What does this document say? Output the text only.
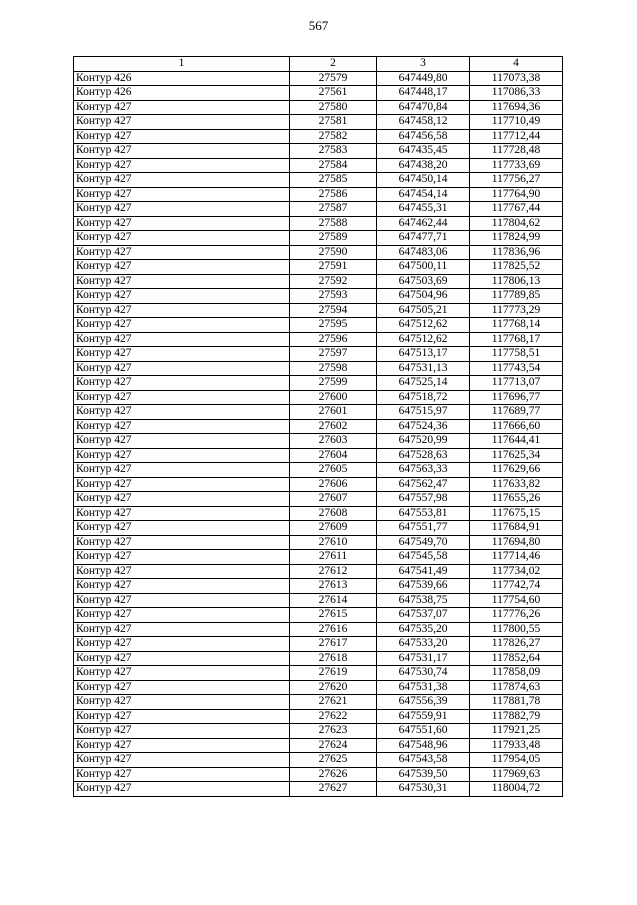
567
1	2	3	4
Контур 426	27579	647449,80	117073,38
Контур 426	27561	647448,17	117086,33
Контур 427	27580	647470,84	117694,36
Контур 427	27581	647458,12	117710,49
Контур 427	27582	647456,58	117712,44
Контур 427	27583	647435,45	117728,48
Контур 427	27584	647438,20	117733,69
Контур 427	27585	647450,14	117756,27
Контур 427	27586	647454,14	117764,90
Контур 427	27587	647455,31	117767,44
Контур 427	27588	647462,44	117804,62
Контур 427	27589	647477,71	117824,99
Контур 427	27590	647483,06	117836,96
Контур 427	27591	647500,11	117825,52
Контур 427	27592	647503,69	117806,13
Контур 427	27593	647504,96	117789,85
Контур 427	27594	647505,21	117773,29
Контур 427	27595	647512,62	117768,14
Контур 427	27596	647512,62	117768,17
Контур 427	27597	647513,17	117758,51
Контур 427	27598	647531,13	117743,54
Контур 427	27599	647525,14	117713,07
Контур 427	27600	647518,72	117696,77
Контур 427	27601	647515,97	117689,77
Контур 427	27602	647524,36	117666,60
Контур 427	27603	647520,99	117644,41
Контур 427	27604	647528,63	117625,34
Контур 427	27605	647563,33	117629,66
Контур 427	27606	647562,47	117633,82
Контур 427	27607	647557,98	117655,26
Контур 427	27608	647553,81	117675,15
Контур 427	27609	647551,77	117684,91
Контур 427	27610	647549,70	117694,80
Контур 427	27611	647545,58	117714,46
Контур 427	27612	647541,49	117734,02
Контур 427	27613	647539,66	117742,74
Контур 427	27614	647538,75	117754,60
Контур 427	27615	647537,07	117776,26
Контур 427	27616	647535,20	117800,55
Контур 427	27617	647533,20	117826,27
Контур 427	27618	647531,17	117852,64
Контур 427	27619	647530,74	117858,09
Контур 427	27620	647531,38	117874,63
Контур 427	27621	647556,39	117881,78
Контур 427	27622	647559,91	117882,79
Контур 427	27623	647551,60	117921,25
Контур 427	27624	647548,96	117933,48
Контур 427	27625	647543,58	117954,05
Контур 427	27626	647539,50	117969,63
Контур 427	27627	647530,31	118004,72
